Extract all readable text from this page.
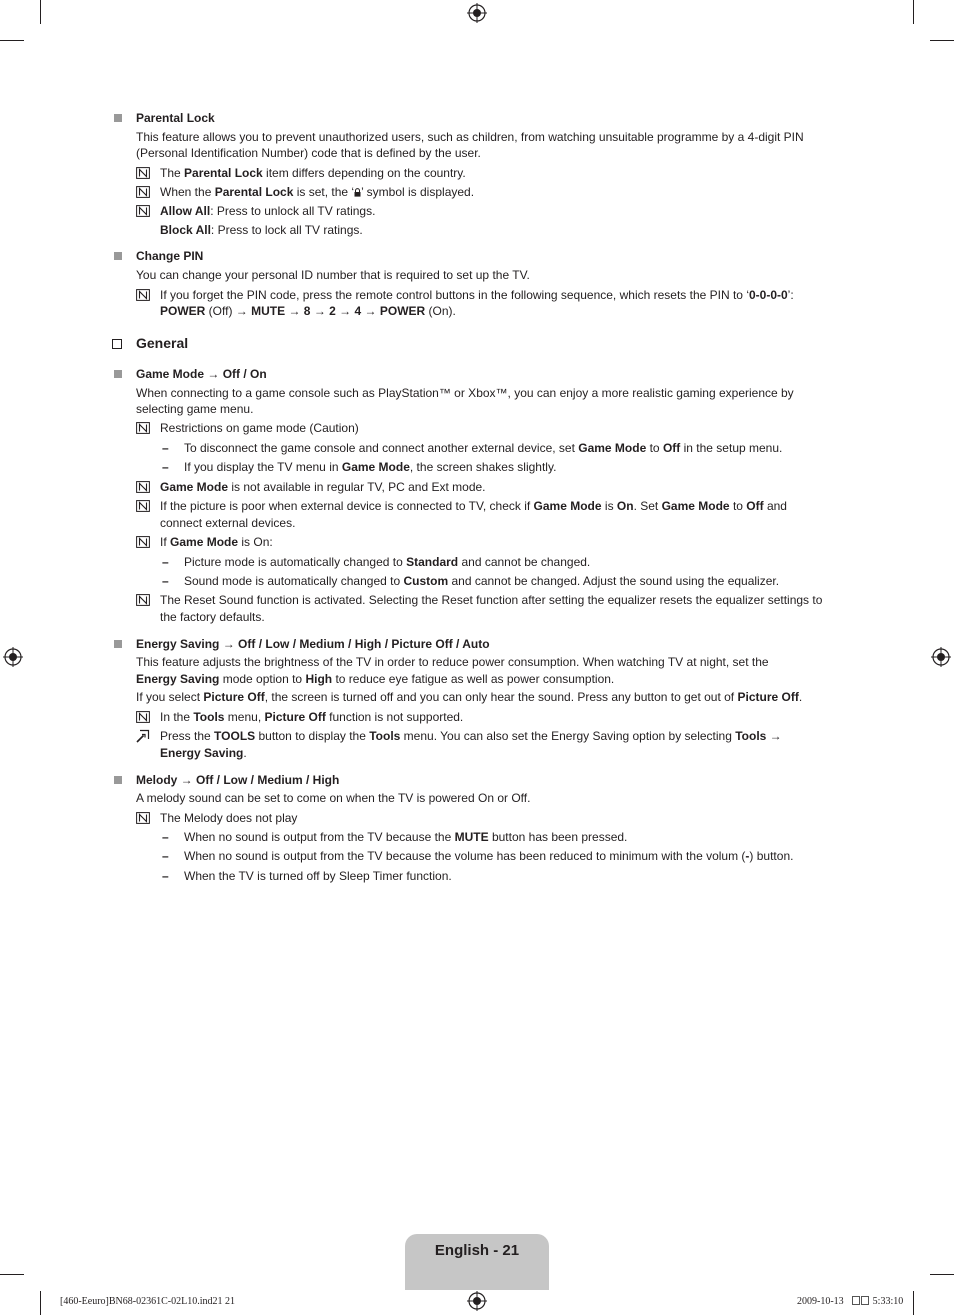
Parental Lock
This feature allows you to prevent unauthorized users, such as children, from watching unsuitable programme by a 4-digit PIN
(Personal Identification Number) code that is defined by the user.
The Parental Lock item differs depending on the country.
When the Parental Lock is set, the ‘ ’ symbol is displayed.
Allow All: Press to unlock all TV ratings.
Block All: Press to lock all TV ratings.
Change PIN
You can change your personal ID number that is required to set up the TV.
If you forget the PIN code, press the remote control buttons in the following sequence, which resets the PIN to ‘0-0-0-0’:
POWER (Off) → MUTE → 8 → 2 → 4 → POWER (On).
General
Game Mode → Off / On
When connecting to a game console such as PlayStation™ or Xbox™, you can enjoy a more realistic gaming experience by
selecting game menu.
Restrictions on game mode (Caution)
– To disconnect the game console and connect another external device, set Game Mode to Off in the setup menu.
– If you display the TV menu in Game Mode, the screen shakes slightly.
Game Mode is not available in regular TV, PC and Ext mode.
If the picture is poor when external device is connected to TV, check if Game Mode is On. Set Game Mode to Off and
connect external devices.
If Game Mode is On:
– Picture mode is automatically changed to Standard and cannot be changed.
– Sound mode is automatically changed to Custom and cannot be changed. Adjust the sound using the equalizer.
The Reset Sound function is activated. Selecting the Reset function after setting the equalizer resets the equalizer settings to
the factory defaults.
Energy Saving → Off / Low / Medium / High / Picture Off / Auto
This feature adjusts the brightness of the TV in order to reduce power consumption. When watching TV at night, set the
Energy Saving mode option to High to reduce eye fatigue as well as power consumption.
If you select Picture Off, the screen is turned off and you can only hear the sound. Press any button to get out of Picture Off.
In the Tools menu, Picture Off function is not supported.
Press the TOOLS button to display the Tools menu. You can also set the Energy Saving option by selecting Tools →
Energy Saving.
Melody → Off / Low / Medium / High
A melody sound can be set to come on when the TV is powered On or Off.
The Melody does not play
– When no sound is output from the TV because the MUTE button has been pressed.
– When no sound is output from the TV because the volume has been reduced to minimum with the volum (-) button.
– When the TV is turned off by Sleep Timer function.
English - 21
[460-Eeuro]BN68-02361C-02L10.ind21 21	2009-10-13	5:33:10
